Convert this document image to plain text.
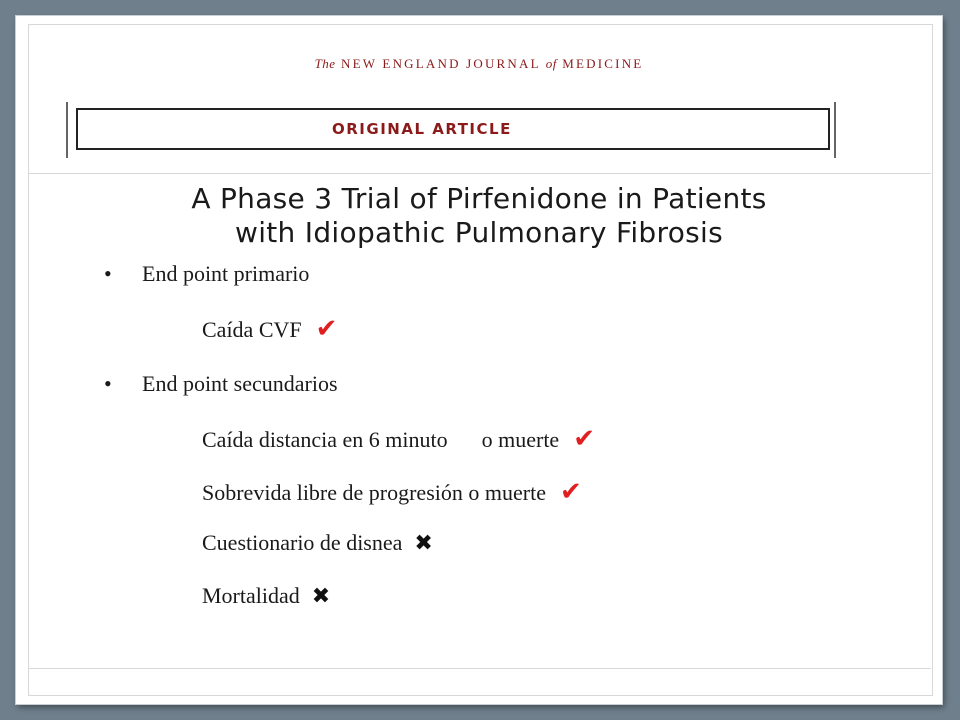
The NEW ENGLAND JOURNAL of MEDICINE
ORIGINAL ARTICLE
A Phase 3 Trial of Pirfenidone in Patients
with Idiopathic Pulmonary Fibrosis
• End point primario
Caída CVF ✔
• End point secundarios
Caída distancia en 6 minuto o muerte ✔
Sobrevida libre de progresión o muerte ✔
Cuestionario de disnea ✖
Mortalidad ✖
